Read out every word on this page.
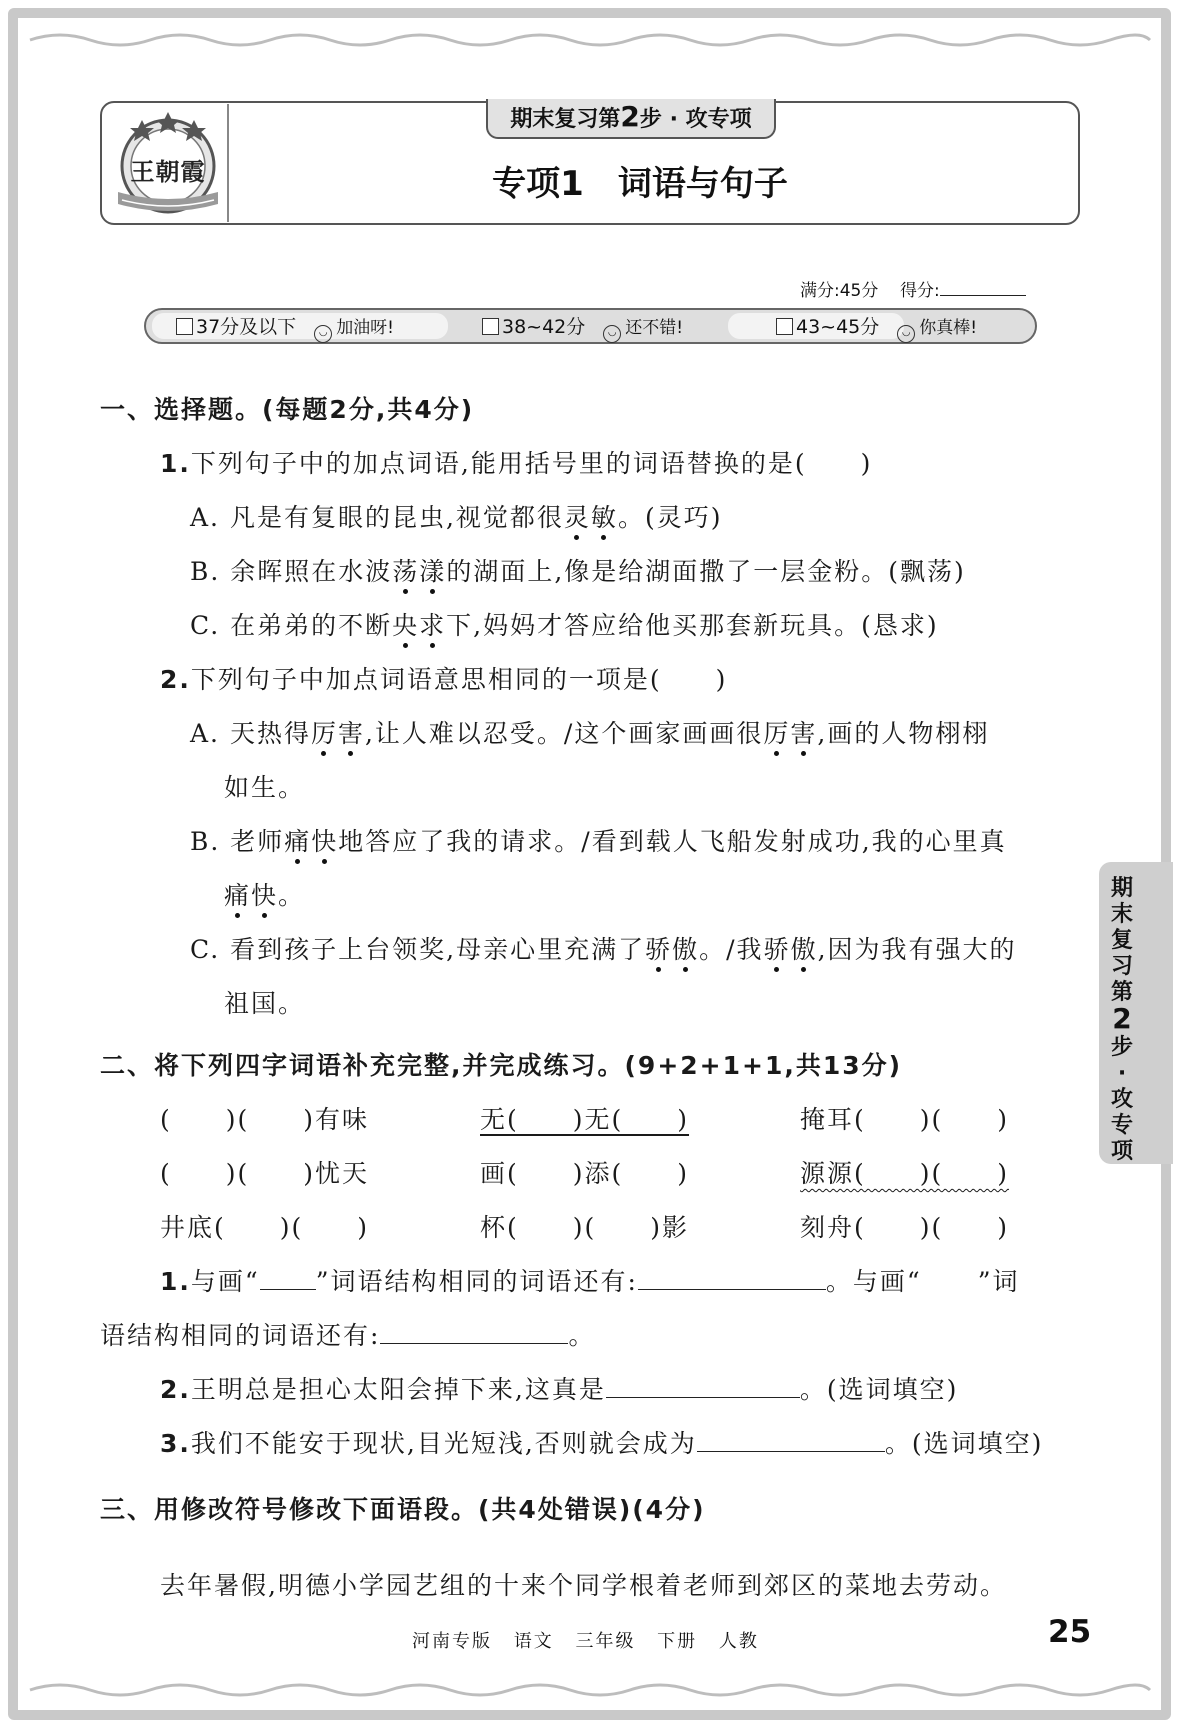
王朝霞
期末复习第2步 · 攻专项
专项1　词语与句子
满分:45分 得分:
37分及以下 ◡ 加油呀!	38~42分 ◡ 还不错!	43~45分 ◡ 你真棒!
一、选择题。(每题2分,共4分)
1.下列句子中的加点词语,能用括号里的词语替换的是(　　)
A. 凡是有复眼的昆虫,视觉都很灵敏。(灵巧)
B. 余晖照在水波荡漾的湖面上,像是给湖面撒了一层金粉。(飘荡)
C. 在弟弟的不断央求下,妈妈才答应给他买那套新玩具。(恳求)
2.下列句子中加点词语意思相同的一项是(　　)
A. 天热得厉害,让人难以忍受。/这个画家画画很厉害,画的人物栩栩
如生。
B. 老师痛快地答应了我的请求。/看到载人飞船发射成功,我的心里真
痛快。
C. 看到孩子上台领奖,母亲心里充满了骄傲。/我骄傲,因为我有强大的
祖国。
二、将下列四字词语补充完整,并完成练习。(9+2+1+1,共13分)
(　　)(　　)有味	无(　　)无(　　)	掩耳(　　)(　　)
(　　)(　　)忧天	画(　　)添(　　)	源源(　　)(　　)
井底(　　)(　　)	杯(　　)(　　)影	刻舟(　　)(　　)
1.与画“ ”词语结构相同的词语还有:	。与画“ ”词
语结构相同的词语还有:	。
2.王明总是担心太阳会掉下来,这真是	。(选词填空)
3.我们不能安于现状,目光短浅,否则就会成为	。(选词填空)
三、用修改符号修改下面语段。(共4处错误)(4分)
去年暑假,明德小学园艺组的十来个同学根着老师到郊区的菜地去劳动。
期末复习第2步·攻专项
河南专版 语文 三年级 下册 人教	25
